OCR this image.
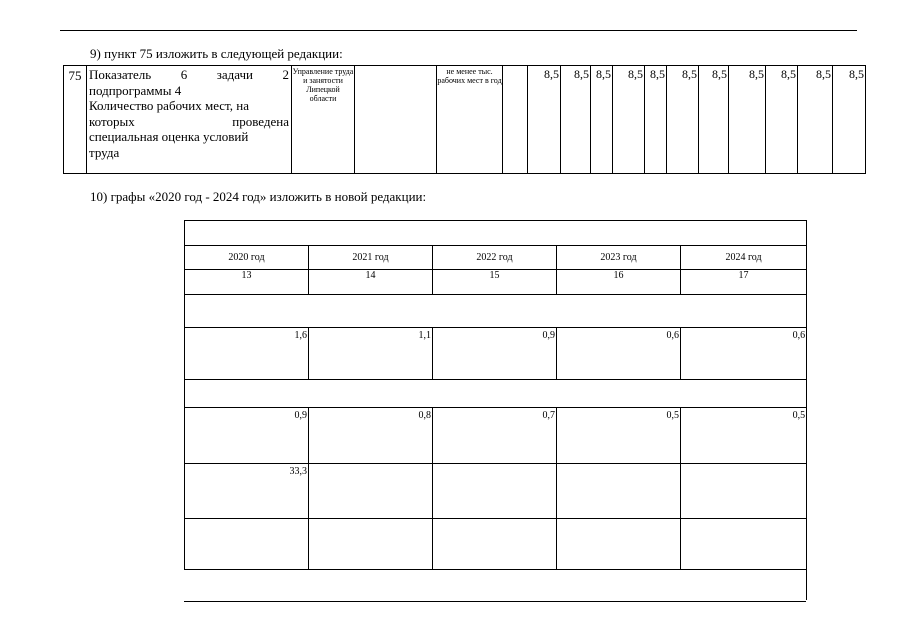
9) пункт 75 изложить в следующей редакции:
75	Показатель 6 задачи 2
подпрограммы 4
Количество рабочих мест, на
которых проведена
специальная оценка условий
труда
	Управление труда и занятости Липецкой области		не менее тыс. рабочих мест в год		8,5	8,5	8,5	8,5	8,5	8,5	8,5	8,5	8,5	8,5	8,5
10) графы «2020 год - 2024 год» изложить в новой редакции:

2020 год	2021 год	2022 год	2023 год	2024 год
13	14	15	16	17

1,6	1,1	0,9	0,6	0,6

0,9	0,8	0,7	0,5	0,5
33,3				
